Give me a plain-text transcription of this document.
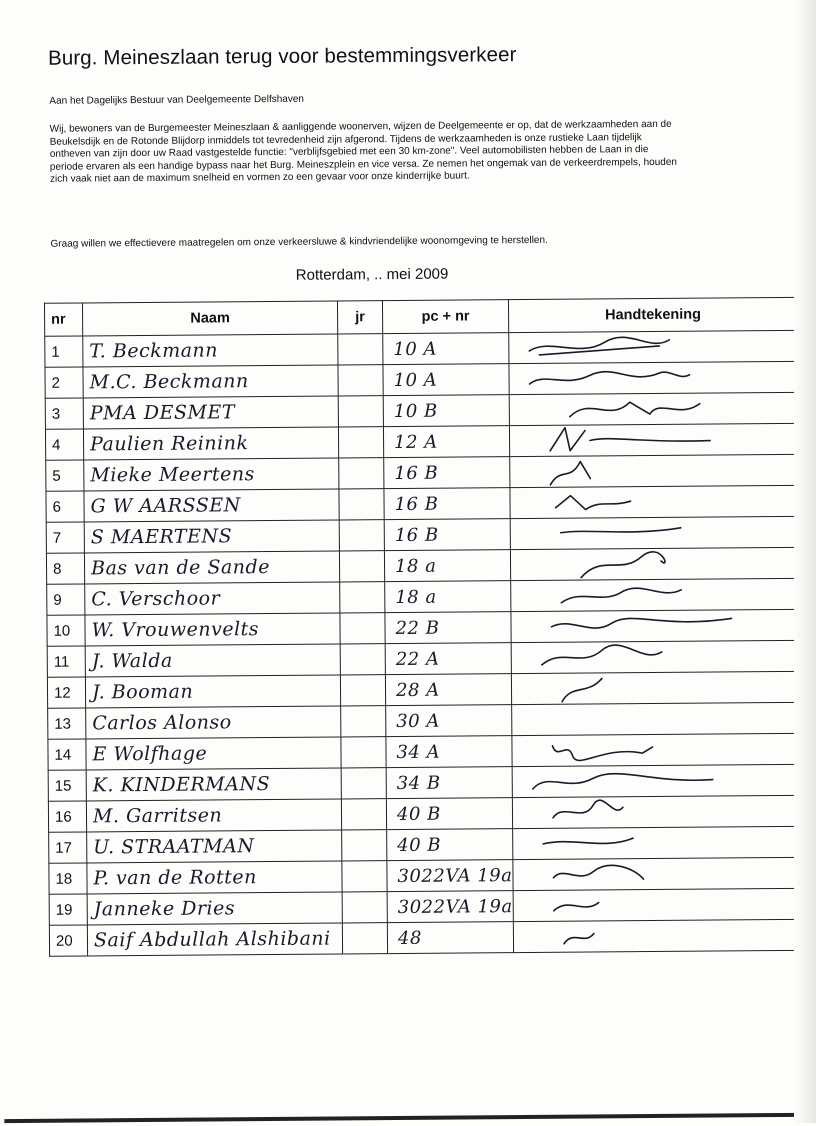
Burg. Meineszlaan terug voor bestemmingsverkeer

Aan het Dagelijks Bestuur van Deelgemeente Delfshaven

Wij, bewoners van de Burgemeester Meineszlaan & aanliggende woonerven, wijzen de Deelgemeente er op, dat de werkzaamheden aan de Beukelsdijk en de Rotonde Blijdorp inmiddels tot tevredenheid zijn afgerond. Tijdens de werkzaamheden is onze rustieke Laan tijdelijk ontheven van zijn door uw Raad vastgestelde functie: "verblijfsgebied met een 30 km-zone". Veel automobilisten hebben de Laan in die periode ervaren als een handige bypass naar het Burg. Meineszplein en vice versa. Ze nemen het ongemak van de verkeerdrempels, houden zich vaak niet aan de maximum snelheid en vormen zo een gevaar voor onze kinderrijke buurt.

Graag willen we effectievere maatregelen om onze verkeersluwe & kindvriendelijke woonomgeving te herstellen.

Rotterdam, .. mei 2009
nr	Naam	jr	pc + nr	Handtekening
1	T. Beckmann		10 A

2	M.C. Beckmann		10 A

3	PMA DESMET		10 B

4	Paulien Reinink		12 A

5	Mieke Meertens		16 B

6	G W AARSSEN		16 B

7	S MAERTENS		16 B

8	Bas van de Sande		18 a

9	C. Verschoor		18 a

10	W. Vrouwenvelts		22 B

11	J. Walda		22 A

12	J. Booman		28 A

13	Carlos Alonso		30 A	

14	E Wolfhage		34 A

15	K. KINDERMANS		34 B

16	M. Garritsen		40 B

17	U. STRAATMAN		40 B

18	P. van de Rotten		3022VA 19a

19	Janneke Dries		3022VA 19a

20	Saif Abdullah Alshibani		48
